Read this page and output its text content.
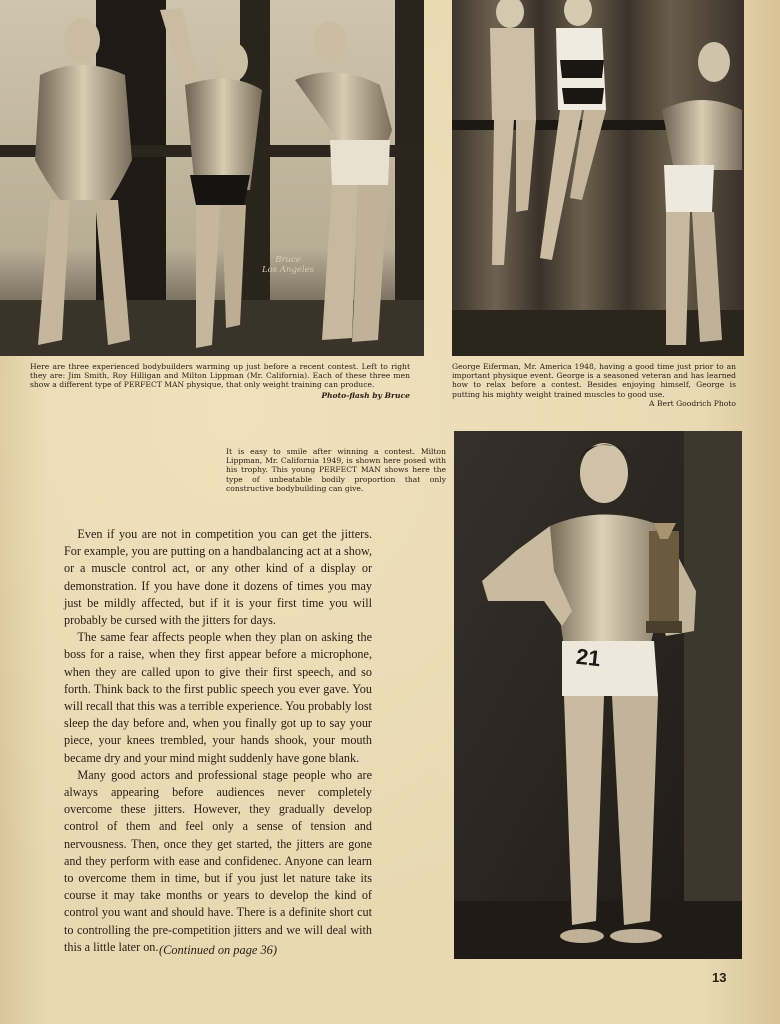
Bruce
Los Angeles
Here are three experienced bodybuilders warming up just before a recent contest. Left to right they are: Jim Smith, Roy Hilligan and Milton Lippman (Mr. California). Each of these three men show a different type of PERFECT MAN physique, that only weight training can produce.
Photo-flash by Bruce
George Eiferman, Mr. America 1948, having a good time just prior to an important physique event. George is a seasoned veteran and has learned how to relax before a contest. Besides enjoying himself, George is putting his mighty weight trained muscles to good use.
A Bert Goodrich Photo
It is easy to smile after winning a contest. Milton Lippman, Mr. California 1949, is shown here posed with his trophy. This young PERFECT MAN shows here the type of unbeatable bodily proportion that only constructive bodybuilding can give.
21

Even if you are not in competition you can get the jitters. For example, you are putting on a handbalancing act at a show, or a muscle control act, or any other kind of a display or demonstration. If you have done it dozens of times you may just be mildly affected, but if it is your first time you will probably be cursed with the jitters for days.

The same fear affects people when they plan on asking the boss for a raise, when they first appear before a microphone, when they are called upon to give their first speech, and so forth. Think back to the first public speech you ever gave. You will recall that this was a terrible experience. You probably lost sleep the day before and, when you finally got up to say your piece, your knees trembled, your hands shook, your mouth became dry and your mind might suddenly have gone blank.

Many good actors and professional stage people who are always appearing before audiences never completely overcome these jitters. However, they gradually develop control of them and feel only a sense of tension and nervousness. Then, once they get started, the jitters are gone and they perform with ease and confidenec. Anyone can learn to overcome them in time, but if you just let nature take its course it may take months or years to develop the kind of control you want and should have. There is a definite short cut to controlling the pre-competition jitters and we will deal with this a little later on. (Continued on page 36)
13
